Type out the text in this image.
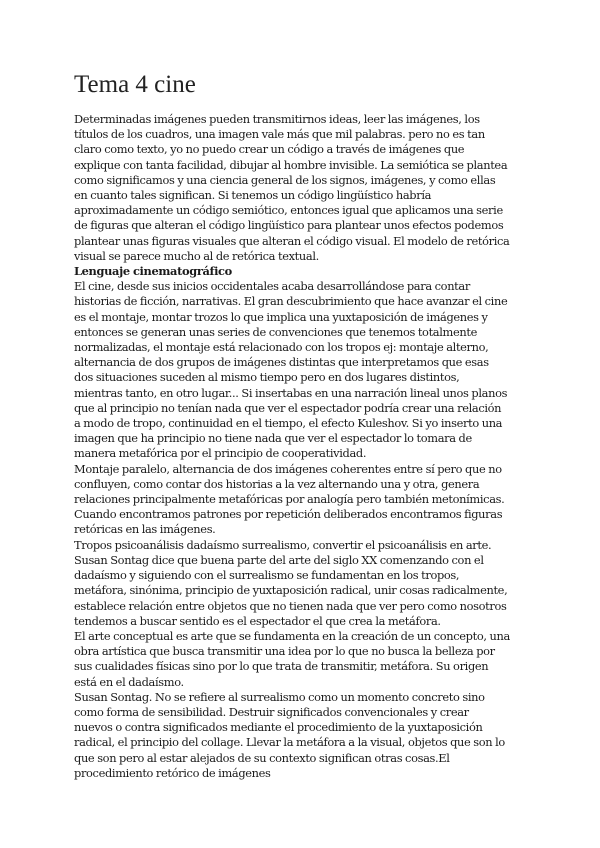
Tema 4 cine

Determinadas imágenes pueden transmitirnos ideas, leer las imágenes, los títulos de los cuadros, una imagen vale más que mil palabras. pero no es tan claro como texto, yo no puedo crear un código a través de imágenes que explique con tanta facilidad, dibujar al hombre invisible. La semiótica se plantea como significamos y una ciencia general de los signos, imágenes, y como ellas en cuanto tales significan. Si tenemos un código lingüístico habría aproximadamente un código semiótico, entonces igual que aplicamos una serie de figuras que alteran el código lingüístico para plantear unos efectos podemos plantear unas figuras visuales que alteran el código visual. El modelo de retórica visual se parece mucho al de retórica textual.

Lenguaje cinematográfico

El cine, desde sus inicios occidentales acaba desarrollándose para contar historias de ficción, narrativas. El gran descubrimiento que hace avanzar el cine es el montaje, montar trozos lo que implica una yuxtaposición de imágenes y entonces se generan unas series de convenciones que tenemos totalmente normalizadas, el montaje está relacionado con los tropos ej: montaje alterno, alternancia de dos grupos de imágenes distintas que interpretamos que esas dos situaciones suceden al mismo tiempo pero en dos lugares distintos, mientras tanto, en otro lugar... Si insertabas en una narración lineal unos planos que al principio no tenían nada que ver el espectador podría crear una relación a modo de tropo, continuidad en el tiempo, el efecto Kuleshov. Si yo inserto una imagen que ha principio no tiene nada que ver el espectador lo tomara de manera metafórica por el principio de cooperatividad.

Montaje paralelo, alternancia de dos imágenes coherentes entre sí pero que no confluyen, como contar dos historias a la vez alternando una y otra, genera relaciones principalmente metafóricas por analogía pero también metonímicas. Cuando encontramos patrones por repetición deliberados encontramos figuras retóricas en las imágenes.

Tropos psicoanálisis dadaísmo surrealismo, convertir el psicoanálisis en arte. Susan Sontag dice que buena parte del arte del siglo XX comenzando con el dadaísmo y siguiendo con el surrealismo se fundamentan en los tropos, metáfora, sinónima, principio de yuxtaposición radical, unir cosas radicalmente, establece relación entre objetos que no tienen nada que ver pero como nosotros tendemos a buscar sentido es el espectador el que crea la metáfora.

El arte conceptual es arte que se fundamenta en la creación de un concepto, una obra artística que busca transmitir una idea por lo que no busca la belleza por sus cualidades físicas sino por lo que trata de transmitir, metáfora. Su origen está en el dadaísmo.

Susan Sontag. No se refiere al surrealismo como un momento concreto sino como forma de sensibilidad. Destruir significados convencionales y crear nuevos o contra significados mediante el procedimiento de la yuxtaposición radical, el principio del collage. Llevar la metáfora a la visual, objetos que son lo que son pero al estar alejados de su contexto significan otras cosas.El procedimiento retórico de imágenes
